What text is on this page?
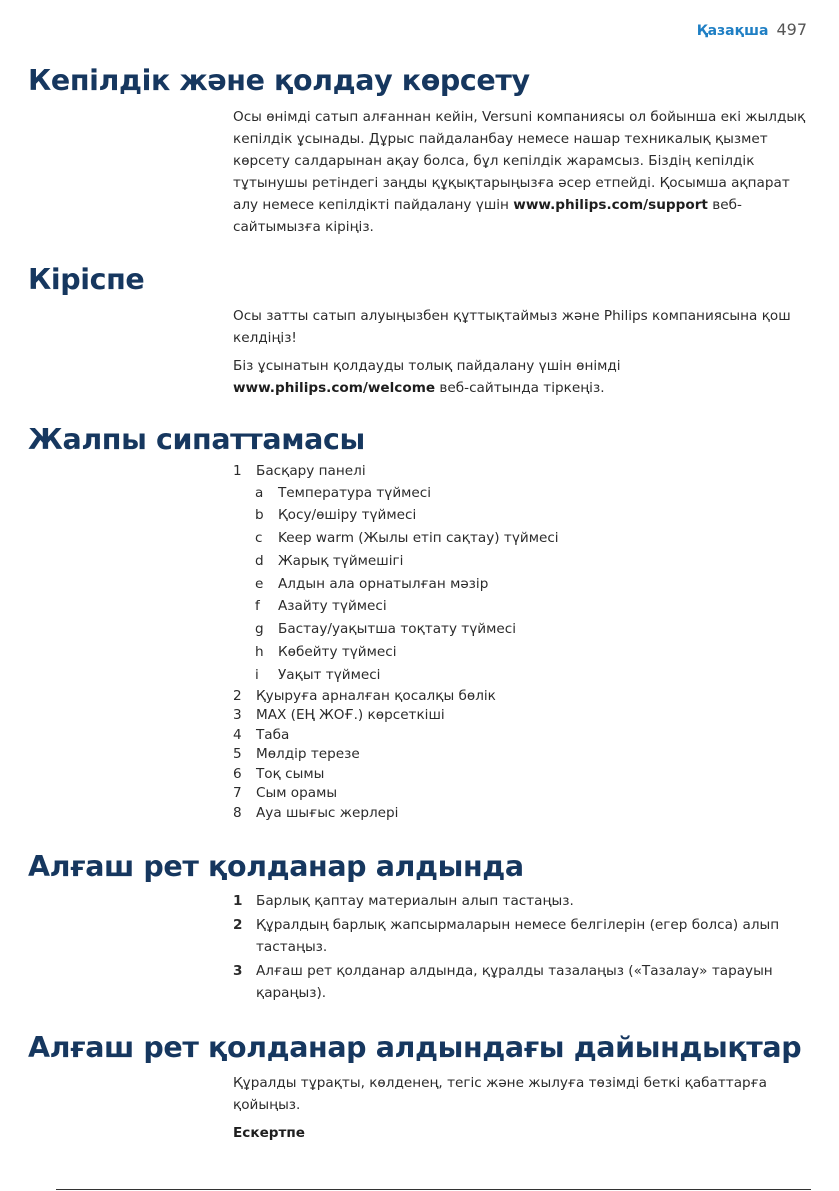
Қазақша 497
Кепілдік және қолдау көрсету

Осы өнімді сатып алғаннан кейін, Versuni компаниясы ол бойынша екі жылдық кепілдік ұсынады. Дұрыс пайдаланбау немесе нашар техникалық қызмет көрсету салдарынан ақау болса, бұл кепілдік жарамсыз. Біздің кепілдік тұтынушы ретіндегі заңды құқықтарыңызға әсер етпейді. Қосымша ақпарат алу немесе кепілдікті пайдалану үшін www.philips.com/support веб-сайтымызға кіріңіз.

Кіріспе

Осы затты сатып алуыңызбен құттықтаймыз және Philips компаниясына қош келдіңіз!

Біз ұсынатын қолдауды толық пайдалану үшін өнімді www.philips.com/welcome веб-сайтында тіркеңіз.

Жалпы сипаттамасы
1	Басқару панелі
a	Температура түймесі
b	Қосу/өшіру түймесі
c	Keep warm (Жылы етіп сақтау) түймесі
d	Жарық түймешігі
e	Алдын ала орнатылған мәзір
f	Азайту түймесі
g	Бастау/уақытша тоқтату түймесі
h	Көбейту түймесі
i	Уақыт түймесі
2	Қуыруға арналған қосалқы бөлік
3	MAX (ЕҢ ЖОҒ.) көрсеткіші
4	Таба
5	Мөлдір терезе
6	Тоқ сымы
7	Сым орамы
8	Ауа шығыс жерлері
Алғаш рет қолданар алдында
1 Барлық қаптау материалын алып тастаңыз.
2 Құралдың барлық жапсырмаларын немесе белгілерін (егер болса) алып тастаңыз.
3 Алғаш рет қолданар алдында, құралды тазалаңыз («Тазалау» тарауын қараңыз).
Алғаш рет қолданар алдындағы дайындықтар

Құралды тұрақты, көлденең, тегіс және жылуға төзімді беткі қабаттарға қойыңыз.

Ескертпе
